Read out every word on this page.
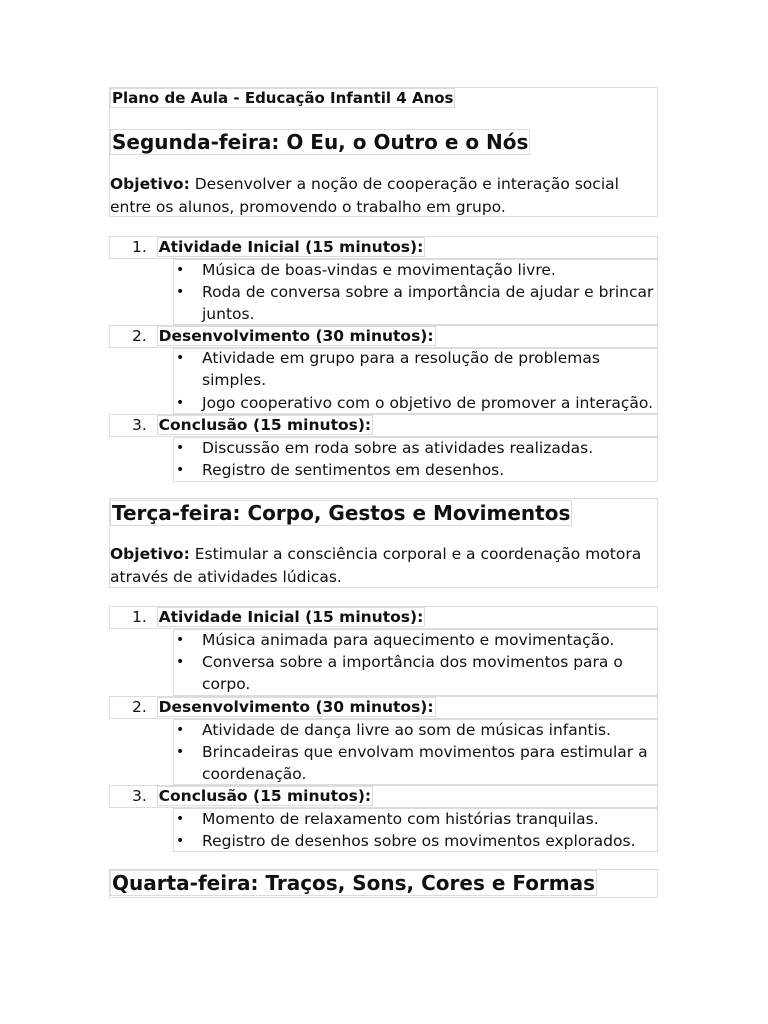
Plano de Aula - Educação Infantil 4 Anos
Segunda-feira: O Eu, o Outro e o Nós
Objetivo: Desenvolver a noção de cooperação e interação social entre os alunos, promovendo o trabalho em grupo.
1. Atividade Inicial (15 minutos):
• Música de boas-vindas e movimentação livre.
• Roda de conversa sobre a importância de ajudar e brincar juntos.
2. Desenvolvimento (30 minutos):
• Atividade em grupo para a resolução de problemas simples.
• Jogo cooperativo com o objetivo de promover a interação.
3. Conclusão (15 minutos):
• Discussão em roda sobre as atividades realizadas.
• Registro de sentimentos em desenhos.
Terça-feira: Corpo, Gestos e Movimentos
Objetivo: Estimular a consciência corporal e a coordenação motora através de atividades lúdicas.
1. Atividade Inicial (15 minutos):
• Música animada para aquecimento e movimentação.
• Conversa sobre a importância dos movimentos para o corpo.
2. Desenvolvimento (30 minutos):
• Atividade de dança livre ao som de músicas infantis.
• Brincadeiras que envolvam movimentos para estimular a coordenação.
3. Conclusão (15 minutos):
• Momento de relaxamento com histórias tranquilas.
• Registro de desenhos sobre os movimentos explorados.
Quarta-feira: Traços, Sons, Cores e Formas
